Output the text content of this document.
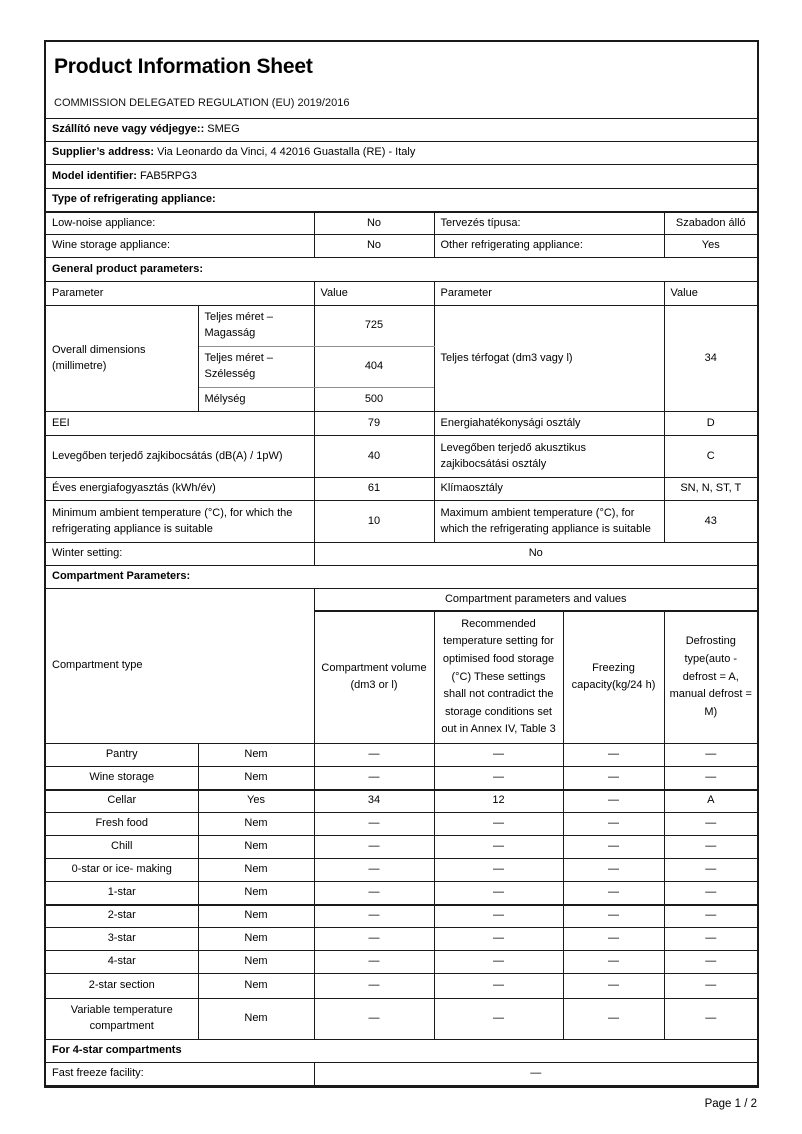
Product Information Sheet
COMMISSION DELEGATED REGULATION (EU) 2019/2016					

Szállító neve vagy védjegye:: SMEG					
Supplier’s address: Via Leonardo da Vinci, 4 42016 Guastalla (RE) - Italy					
Model identifier: FAB5RPG3					
Type of refrigerating appliance:					
Low-noise appliance:		No	Tervezés típusa:		Szabadon álló
Wine storage appliance:		No	Other refrigerating appliance:		Yes
General product parameters:					
Parameter		Value	Parameter		Value
Overall dimensions (millimetre)	Teljes méret – Magasság	725	Teljes térfogat (dm3 vagy l)		34
	Teljes méret – Szélesség	404			
	Mélység	500			
EEI		79	Energiahatékonysági osztály		D
Levegőben terjedő zajkibocsátás (dB(A) / 1pW)		40	Levegőben terjedő akusztikus zajkibocsátási osztály		C
Éves energiafogyasztás (kWh/év)		61	Klímaosztály		SN, N, ST, T
Minimum ambient temperature (°C), for which the refrigerating appliance is suitable		10	Maximum ambient temperature (°C), for which the refrigerating appliance is suitable		43
Winter setting:		No			
Compartment Parameters:					
Compartment type		Compartment parameters and values			
		Compartment volume (dm3 or l)	Recommended temperature setting for optimised food storage (°C) These settings shall not contradict the storage conditions set out in Annex IV, Table 3	Freezing capacity(kg/24 h)	Defrosting type(auto - defrost = A, manual defrost = M)
Pantry	Nem	—	—	—	—
Wine storage	Nem	—	—	—	—
Cellar	Yes	34	12	—	A
Fresh food	Nem	—	—	—	—
Chill	Nem	—	—	—	—
0-star or ice- making	Nem	—	—	—	—
1-star	Nem	—	—	—	—
2-star	Nem	—	—	—	—
3-star	Nem	—	—	—	—
4-star	Nem	—	—	—	—
2-star section	Nem	—	—	—	—
Variable temperature compartment	Nem	—	—	—	—
For 4-star compartments					
Fast freeze facility:		—			
Page 1 / 2
